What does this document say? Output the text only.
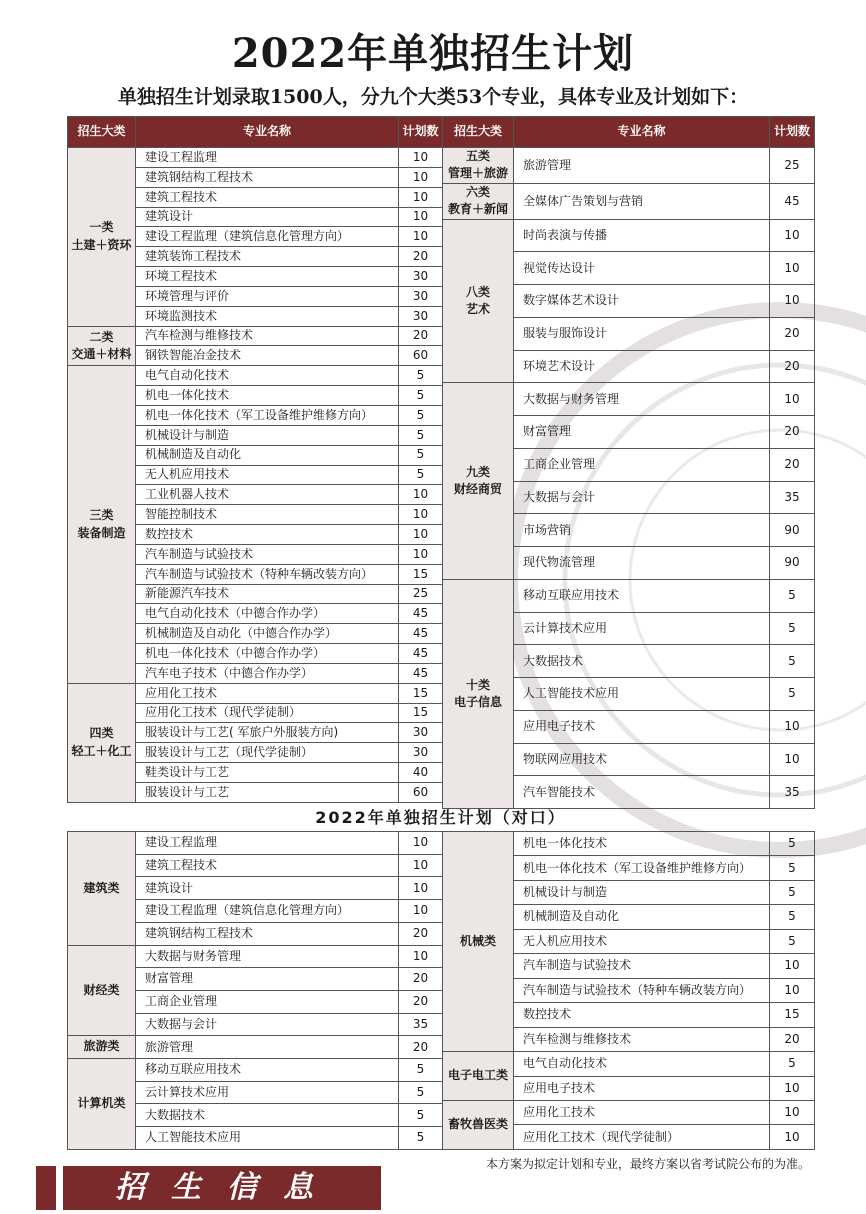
2022年单独招生计划
单独招生计划录取1500人，分九个大类53个专业，具体专业及计划如下：
招生大类	专业名称	计划数
一类
土建＋资环	建设工程监理	10
	建筑钢结构工程技术	10
	建筑工程技术	10
	建筑设计	10
	建设工程监理（建筑信息化管理方向）	10
	建筑装饰工程技术	20
	环境工程技术	30
	环境管理与评价	30
	环境监测技术	30
二类
交通＋材料	汽车检测与维修技术	20
	钢铁智能冶金技术	60
三类
装备制造	电气自动化技术	5
	机电一体化技术	5
	机电一体化技术（军工设备维护维修方向）	5
	机械设计与制造	5
	机械制造及自动化	5
	无人机应用技术	5
	工业机器人技术	10
	智能控制技术	10
	数控技术	10
	汽车制造与试验技术	10
	汽车制造与试验技术（特种车辆改装方向）	15
	新能源汽车技术	25
	电气自动化技术（中德合作办学）	45
	机械制造及自动化（中德合作办学）	45
	机电一体化技术（中德合作办学）	45
	汽车电子技术（中德合作办学）	45
四类
轻工＋化工	应用化工技术	15
	应用化工技术（现代学徒制）	15
	服装设计与工艺( 军旅户外服装方向)	30
	服装设计与工艺（现代学徒制）	30
	鞋类设计与工艺	40
	服装设计与工艺	60
招生大类	专业名称	计划数
五类
管理＋旅游	旅游管理	25
六类
教育＋新闻	全媒体广告策划与营销	45
八类
艺术	时尚表演与传播	10
	视觉传达设计	10
	数字媒体艺术设计	10
	服装与服饰设计	20
	环境艺术设计	20
九类
财经商贸	大数据与财务管理	10
	财富管理	20
	工商企业管理	20
	大数据与会计	35
	市场营销	90
	现代物流管理	90
十类
电子信息	移动互联应用技术	5
	云计算技术应用	5
	大数据技术	5
	人工智能技术应用	5
	应用电子技术	10
	物联网应用技术	10
	汽车智能技术	35
2022年单独招生计划（对口）
建筑类	建设工程监理	10
	建筑工程技术	10
	建筑设计	10
	建设工程监理（建筑信息化管理方向）	10
	建筑钢结构工程技术	20
财经类	大数据与财务管理	10
	财富管理	20
	工商企业管理	20
	大数据与会计	35
旅游类	旅游管理	20
计算机类	移动互联应用技术	5
	云计算技术应用	5
	大数据技术	5
	人工智能技术应用	5
机械类	机电一体化技术	5
	机电一体化技术（军工设备维护维修方向）	5
	机械设计与制造	5
	机械制造及自动化	5
	无人机应用技术	5
	汽车制造与试验技术	10
	汽车制造与试验技术（特种车辆改装方向）	10
	数控技术	15
	汽车检测与维修技术	20
电子电工类	电气自动化技术	5
	应用电子技术	10
畜牧兽医类	应用化工技术	10
	应用化工技术（现代学徒制）	10
本方案为拟定计划和专业，最终方案以省考试院公布的为准。
招生信息
